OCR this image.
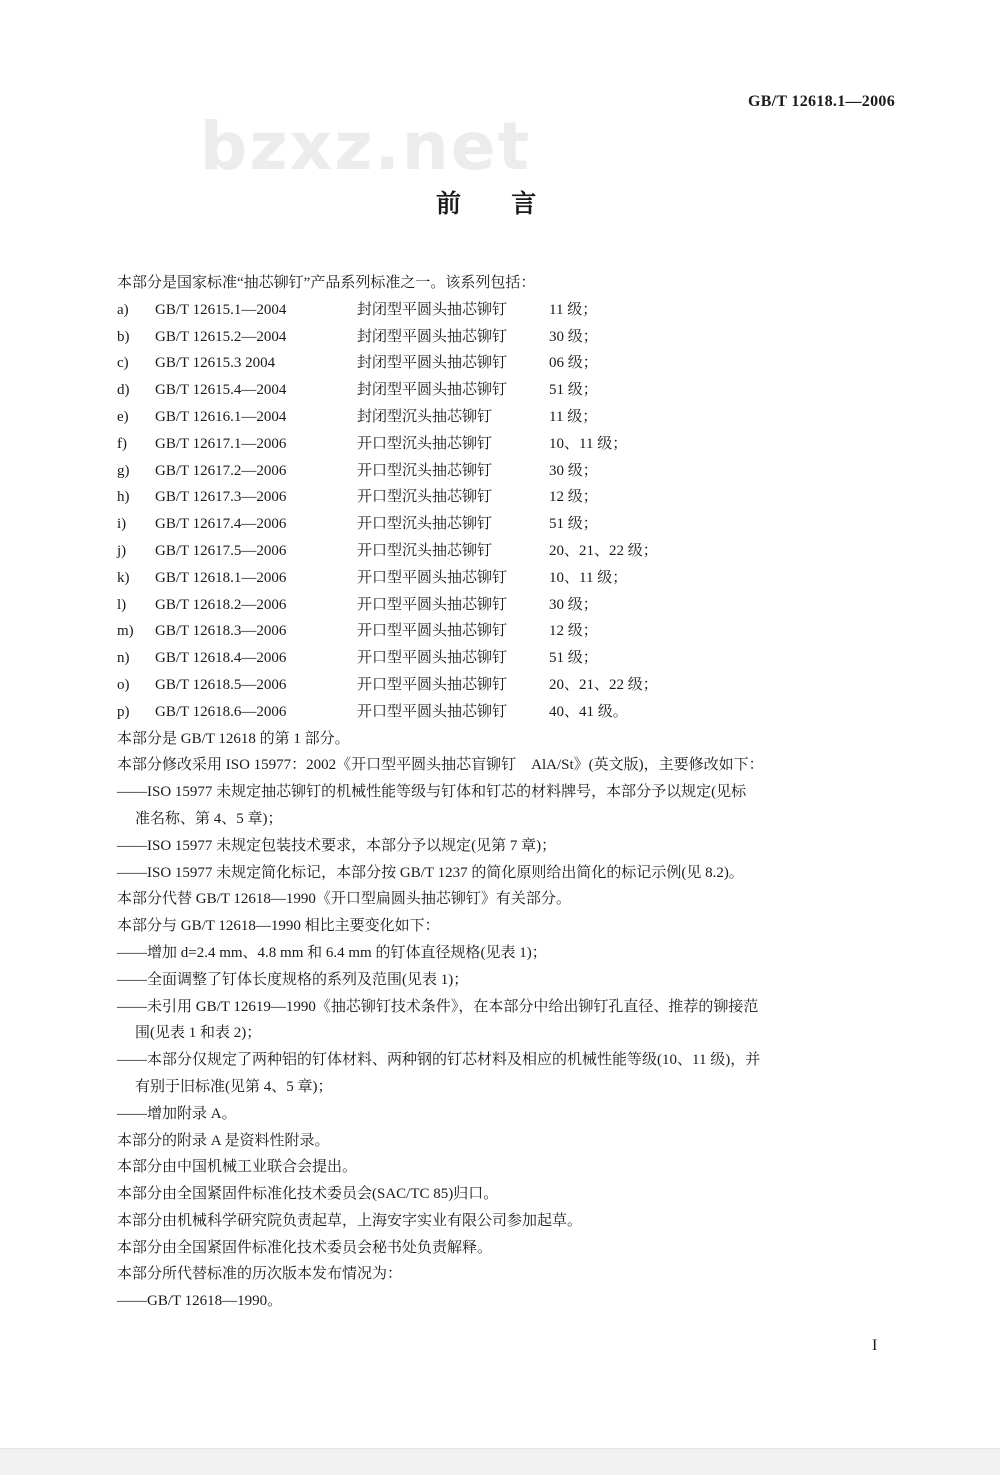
GB/T 12618.1—2006
bzxz.net
前 言
本部分是国家标准“抽芯铆钉”产品系列标准之一。该系列包括：
a)	GB/T 12615.1—2004	封闭型平圆头抽芯铆钉	11 级；
b)	GB/T 12615.2—2004	封闭型平圆头抽芯铆钉	30 级；
c)	GB/T 12615.3 2004	封闭型平圆头抽芯铆钉	06 级；
d)	GB/T 12615.4—2004	封闭型平圆头抽芯铆钉	51 级；
e)	GB/T 12616.1—2004	封闭型沉头抽芯铆钉	11 级；
f)	GB/T 12617.1—2006	开口型沉头抽芯铆钉	10、11 级；
g)	GB/T 12617.2—2006	开口型沉头抽芯铆钉	30 级；
h)	GB/T 12617.3—2006	开口型沉头抽芯铆钉	12 级；
i)	GB/T 12617.4—2006	开口型沉头抽芯铆钉	51 级；
j)	GB/T 12617.5—2006	开口型沉头抽芯铆钉	20、21、22 级；
k)	GB/T 12618.1—2006	开口型平圆头抽芯铆钉	10、11 级；
l)	GB/T 12618.2—2006	开口型平圆头抽芯铆钉	30 级；
m)	GB/T 12618.3—2006	开口型平圆头抽芯铆钉	12 级；
n)	GB/T 12618.4—2006	开口型平圆头抽芯铆钉	51 级；
o)	GB/T 12618.5—2006	开口型平圆头抽芯铆钉	20、21、22 级；
p)	GB/T 12618.6—2006	开口型平圆头抽芯铆钉	40、41 级。
本部分是 GB/T 12618 的第 1 部分。
本部分修改采用 ISO 15977：2002《开口型平圆头抽芯盲铆钉　AlA/St》(英文版)，主要修改如下：
——ISO 15977 未规定抽芯铆钉的机械性能等级与钉体和钉芯的材料牌号，本部分予以规定(见标
准名称、第 4、5 章)；
——ISO 15977 未规定包装技术要求，本部分予以规定(见第 7 章)；
——ISO 15977 未规定简化标记，本部分按 GB/T 1237 的简化原则给出简化的标记示例(见 8.2)。
本部分代替 GB/T 12618—1990《开口型扁圆头抽芯铆钉》有关部分。
本部分与 GB/T 12618—1990 相比主要变化如下：
——增加 d=2.4 mm、4.8 mm 和 6.4 mm 的钉体直径规格(见表 1)；
——全面调整了钉体长度规格的系列及范围(见表 1)；
——未引用 GB/T 12619—1990《抽芯铆钉技术条件》，在本部分中给出铆钉孔直径、推荐的铆接范
围(见表 1 和表 2)；
——本部分仅规定了两种铝的钉体材料、两种钢的钉芯材料及相应的机械性能等级(10、11 级)，并
有别于旧标准(见第 4、5 章)；
——增加附录 A。
本部分的附录 A 是资料性附录。
本部分由中国机械工业联合会提出。
本部分由全国紧固件标准化技术委员会(SAC/TC 85)归口。
本部分由机械科学研究院负责起草，上海安字实业有限公司参加起草。
本部分由全国紧固件标准化技术委员会秘书处负责解释。
本部分所代替标准的历次版本发布情况为：
——GB/T 12618—1990。
I
